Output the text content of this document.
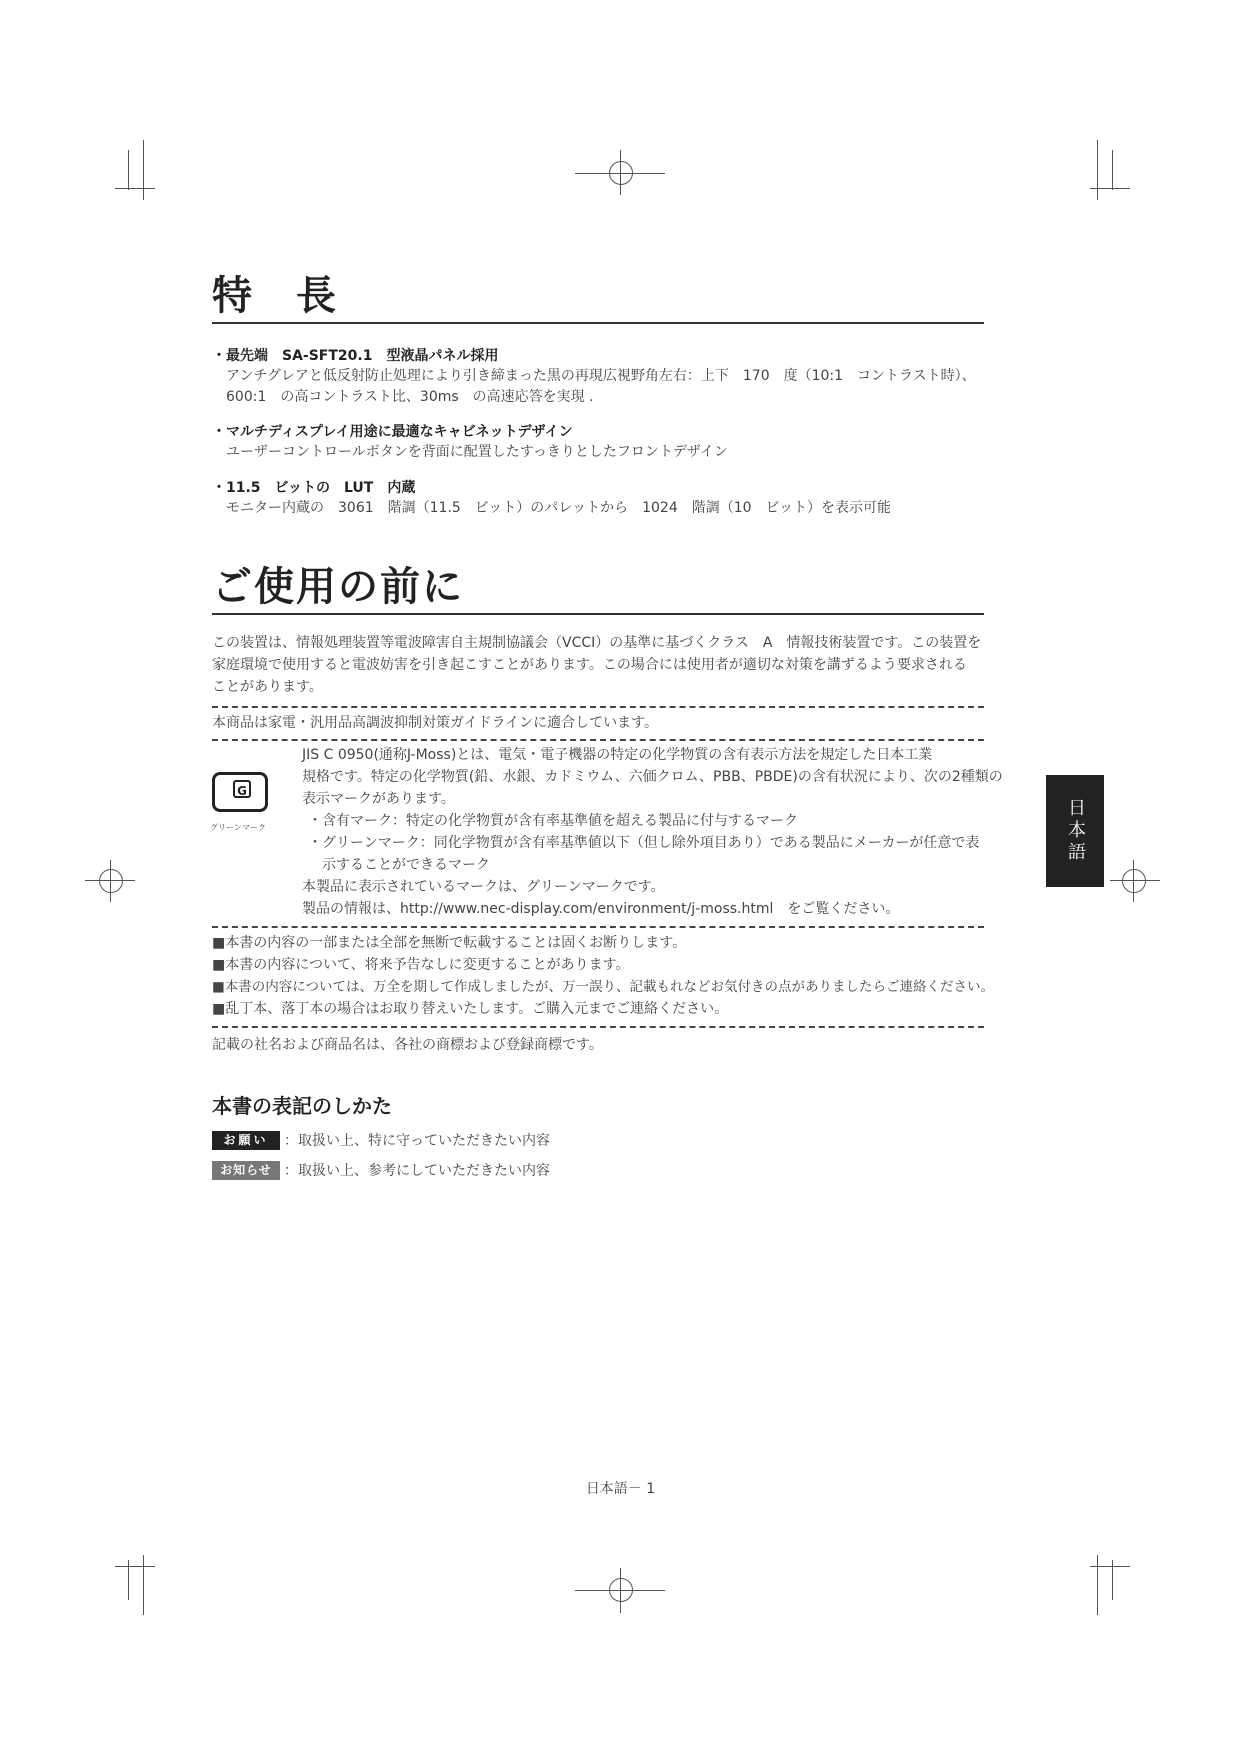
特　長
・最先端　SA-SFT20.1　型液晶パネル採用
アンチグレアと低反射防止処理により引き締まった黒の再現広視野角左右：上下　170　度（10:1　コントラスト時）、
600:1　の高コントラスト比、30ms　の高速応答を実現 .
・マルチディスプレイ用途に最適なキャビネットデザイン
ユーザーコントロールボタンを背面に配置したすっきりとしたフロントデザイン
・11.5　ビットの　LUT　内蔵
モニター内蔵の　3061　階調（11.5　ビット）のパレットから　1024　階調（10　ビット）を表示可能
ご使用の前に
この装置は、情報処理装置等電波障害自主規制協議会（VCCI）の基準に基づくクラス　A　情報技術装置です。この装置を
家庭環境で使用すると電波妨害を引き起こすことがあります。この場合には使用者が適切な対策を講ずるよう要求される
ことがあります。
本商品は家電・汎用品高調波抑制対策ガイドラインに適合しています。
G
グリーンマーク
JIS C 0950(通称J-Moss)とは、電気・電子機器の特定の化学物質の含有表示方法を規定した日本工業
規格です。特定の化学物質(鉛、水銀、カドミウム、六価クロム、PBB、PBDE)の含有状況により、次の2種類の
表示マークがあります。
・含有マーク：特定の化学物質が含有率基準値を超える製品に付与するマーク
・グリーンマーク：同化学物質が含有率基準値以下（但し除外項目あり）である製品にメーカーが任意で表
　示することができるマーク
本製品に表示されているマークは、グリーンマークです。
製品の情報は、http://www.nec-display.com/environment/j-moss.html　をご覧ください。
■本書の内容の一部または全部を無断で転載することは固くお断りします。
■本書の内容について、将来予告なしに変更することがあります。
■本書の内容については、万全を期して作成しましたが、万一誤り、記載もれなどお気付きの点がありましたらご連絡ください。
■乱丁本、落丁本の場合はお取り替えいたします。ご購入元までご連絡ください。
記載の社名および商品名は、各社の商標および登録商標です。
本書の表記のしかた
お願い	：取扱い上、特に守っていただきたい内容
お知らせ ：取扱い上、参考にしていただきたい内容
日本語
日本語－ 1
